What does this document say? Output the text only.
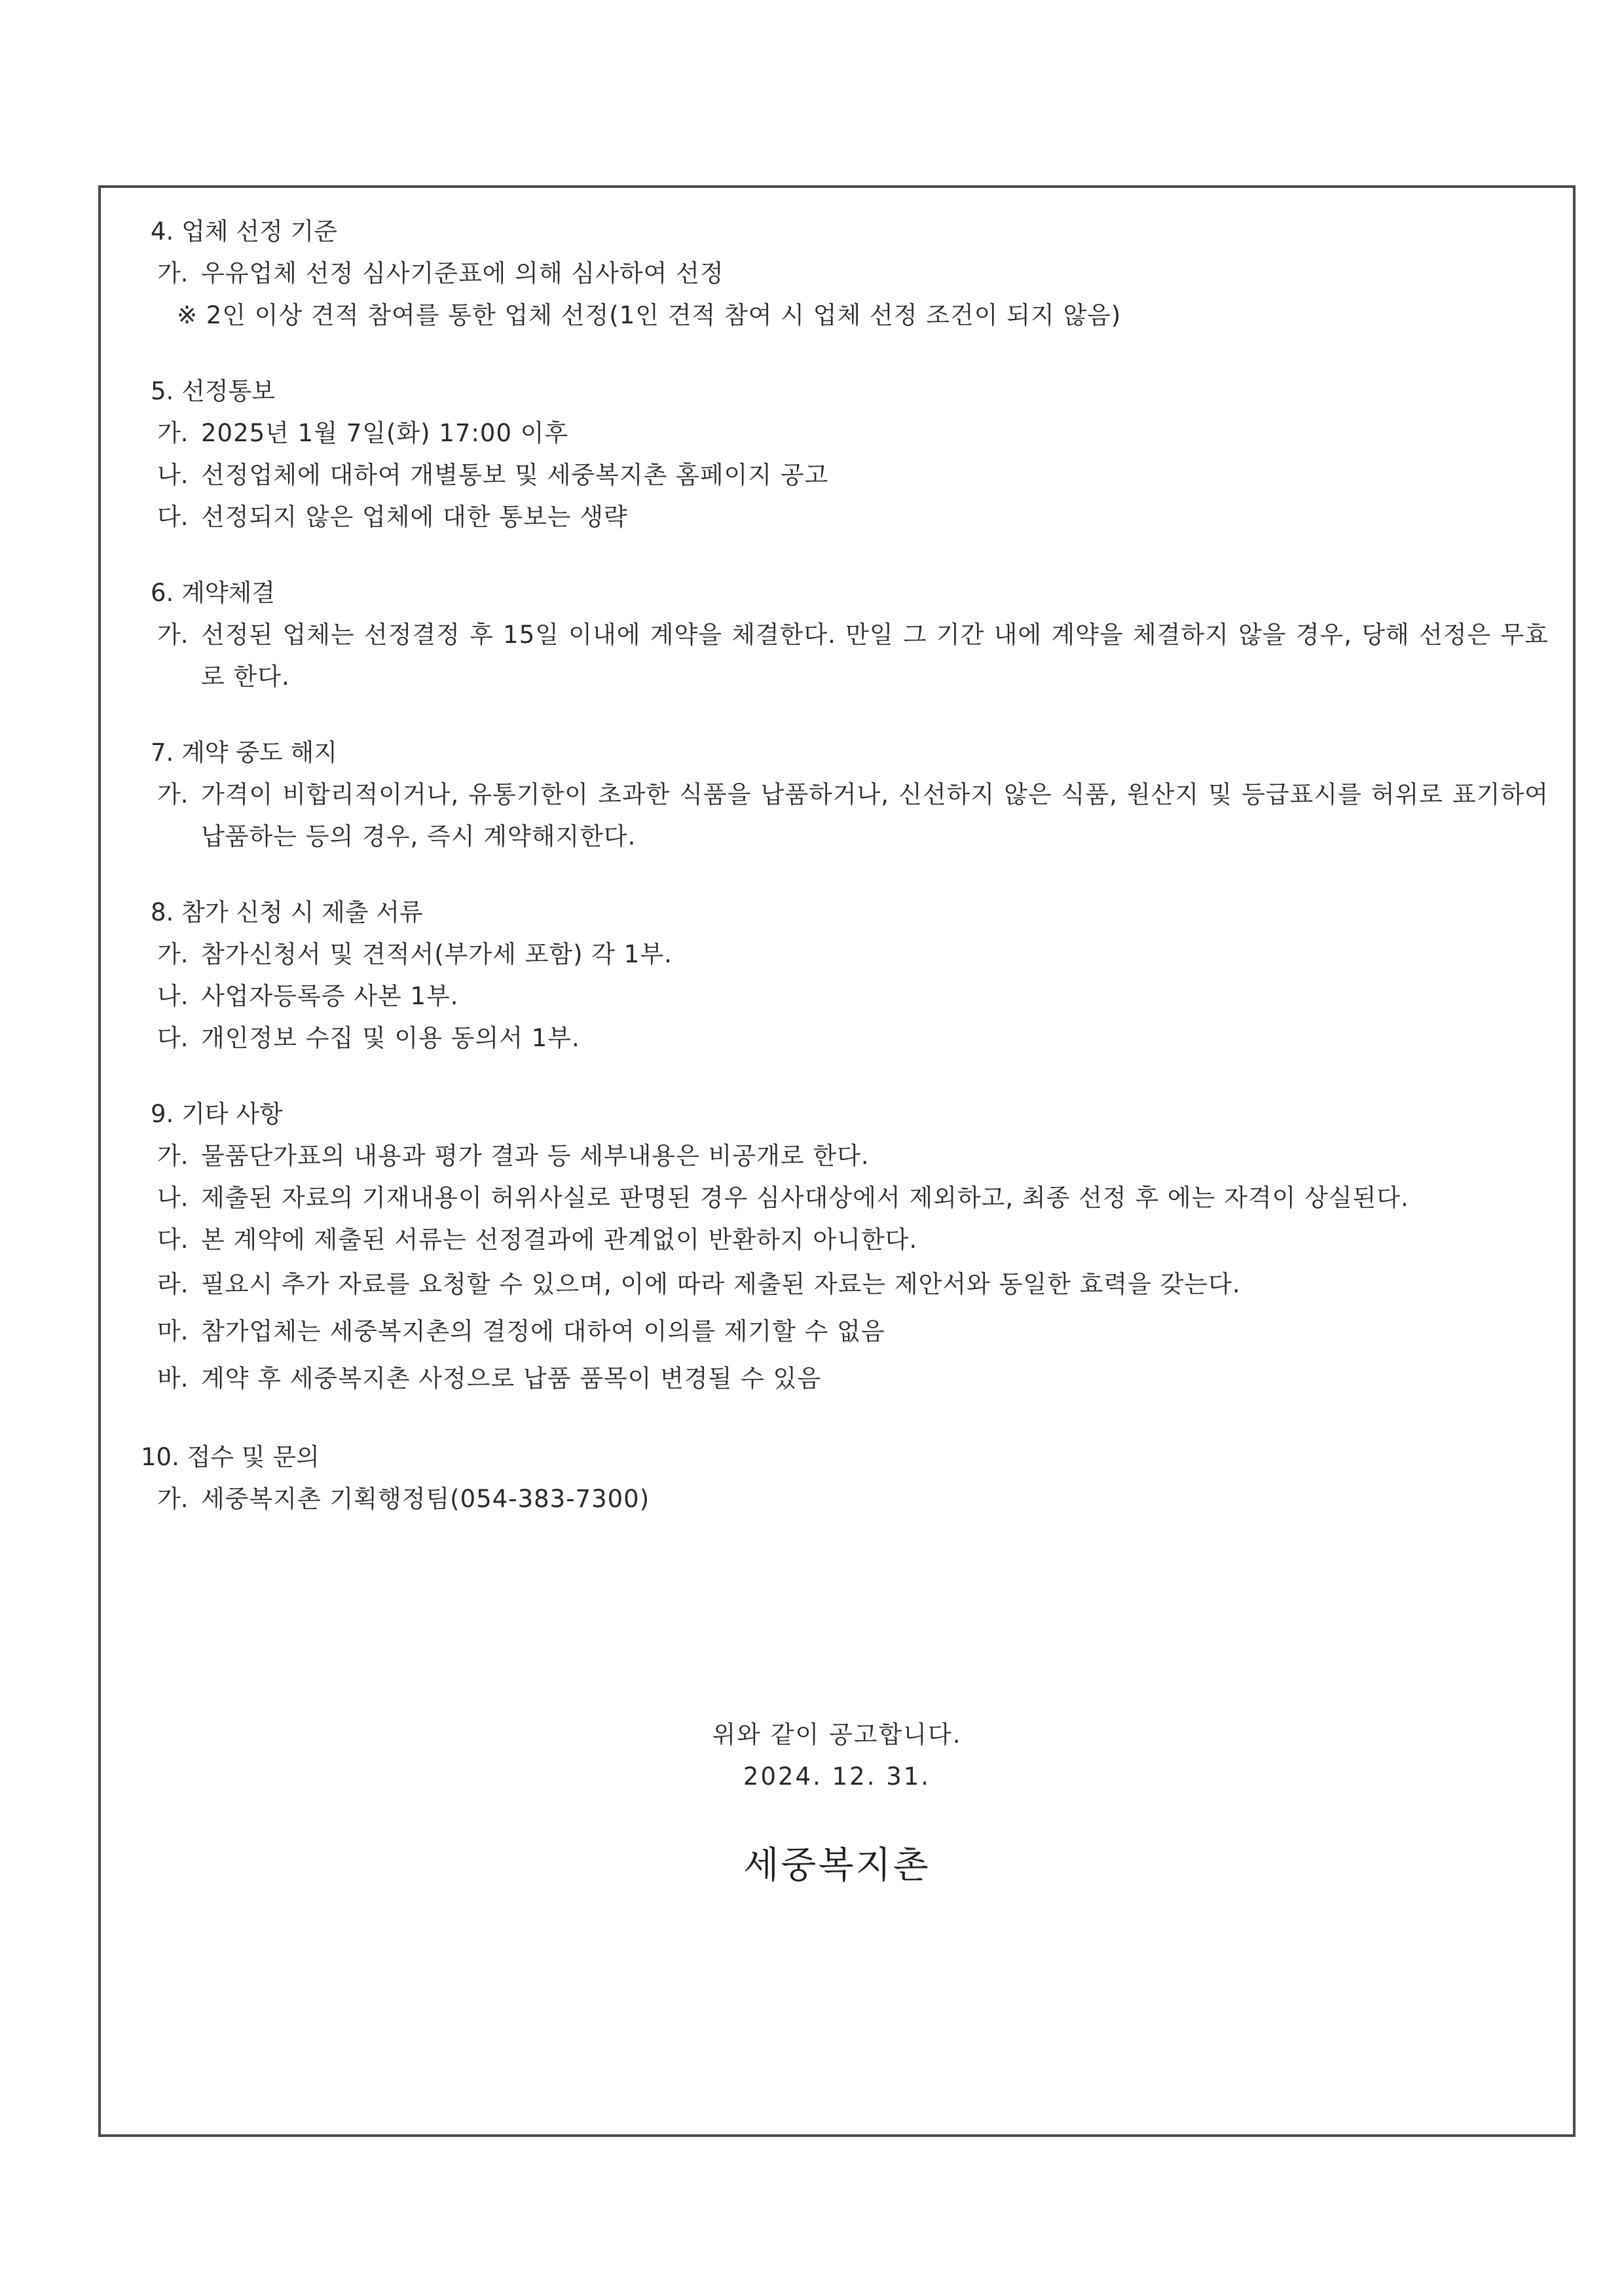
4. 업체 선정 기준
가. 우유업체 선정 심사기준표에 의해 심사하여 선정
※ 2인 이상 견적 참여를 통한 업체 선정(1인 견적 참여 시 업체 선정 조건이 되지 않음)
5. 선정통보
가. 2025년 1월 7일(화) 17:00 이후
나. 선정업체에 대하여 개별통보 및 세중복지촌 홈페이지 공고
다. 선정되지 않은 업체에 대한 통보는 생략
6. 계약체결
가. 선정된 업체는 선정결정 후 15일 이내에 계약을 체결한다. 만일 그 기간 내에 계약을 체결하지 않을 경우, 당해 선정은 무효로 한다.
7. 계약 중도 해지
가. 가격이 비합리적이거나, 유통기한이 초과한 식품을 납품하거나, 신선하지 않은 식품, 원산지 및 등급표시를 허위로 표기하여 납품하는 등의 경우, 즉시 계약해지한다.
8. 참가 신청 시 제출 서류
가. 참가신청서 및 견적서(부가세 포함) 각 1부.
나. 사업자등록증 사본 1부.
다. 개인정보 수집 및 이용 동의서 1부.
9. 기타 사항
가. 물품단가표의 내용과 평가 결과 등 세부내용은 비공개로 한다.
나. 제출된 자료의 기재내용이 허위사실로 판명된 경우 심사대상에서 제외하고, 최종 선정 후 에는 자격이 상실된다.
다. 본 계약에 제출된 서류는 선정결과에 관계없이 반환하지 아니한다.
라. 필요시 추가 자료를 요청할 수 있으며, 이에 따라 제출된 자료는 제안서와 동일한 효력을 갖는다.
마. 참가업체는 세중복지촌의 결정에 대하여 이의를 제기할 수 없음
바. 계약 후 세중복지촌 사정으로 납품 품목이 변경될 수 있음
10. 접수 및 문의
가. 세중복지촌 기획행정팀(054-383-7300)
위와 같이 공고합니다.
2024. 12. 31.
세중복지촌
